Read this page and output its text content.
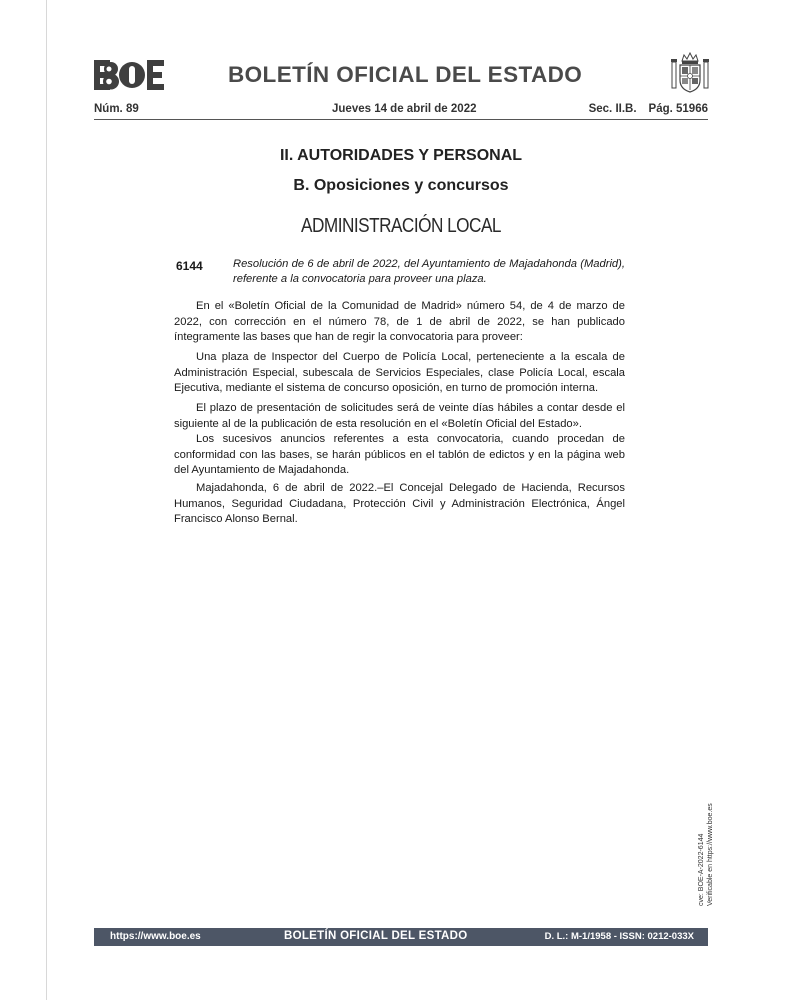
BOLETÍN OFICIAL DEL ESTADO
Núm. 89	Jueves 14 de abril de 2022	Sec. II.B. Pág. 51966
II. AUTORIDADES Y PERSONAL
B. Oposiciones y concursos
ADMINISTRACIÓN LOCAL
6144	Resolución de 6 de abril de 2022, del Ayuntamiento de Majadahonda (Madrid), referente a la convocatoria para proveer una plaza.

En el «Boletín Oficial de la Comunidad de Madrid» número 54, de 4 de marzo de 2022, con corrección en el número 78, de 1 de abril de 2022, se han publicado íntegramente las bases que han de regir la convocatoria para proveer:

Una plaza de Inspector del Cuerpo de Policía Local, perteneciente a la escala de Administración Especial, subescala de Servicios Especiales, clase Policía Local, escala Ejecutiva, mediante el sistema de concurso oposición, en turno de promoción interna.

El plazo de presentación de solicitudes será de veinte días hábiles a contar desde el siguiente al de la publicación de esta resolución en el «Boletín Oficial del Estado».

Los sucesivos anuncios referentes a esta convocatoria, cuando procedan de conformidad con las bases, se harán públicos en el tablón de edictos y en la página web del Ayuntamiento de Majadahonda.

Majadahonda, 6 de abril de 2022.–El Concejal Delegado de Hacienda, Recursos Humanos, Seguridad Ciudadana, Protección Civil y Administración Electrónica, Ángel Francisco Alonso Bernal.

cve: BOE-A-2022-6144 Verificable en https://www.boe.es
https://www.boe.es	BOLETÍN OFICIAL DEL ESTADO	D. L.: M-1/1958 - ISSN: 0212-033X
